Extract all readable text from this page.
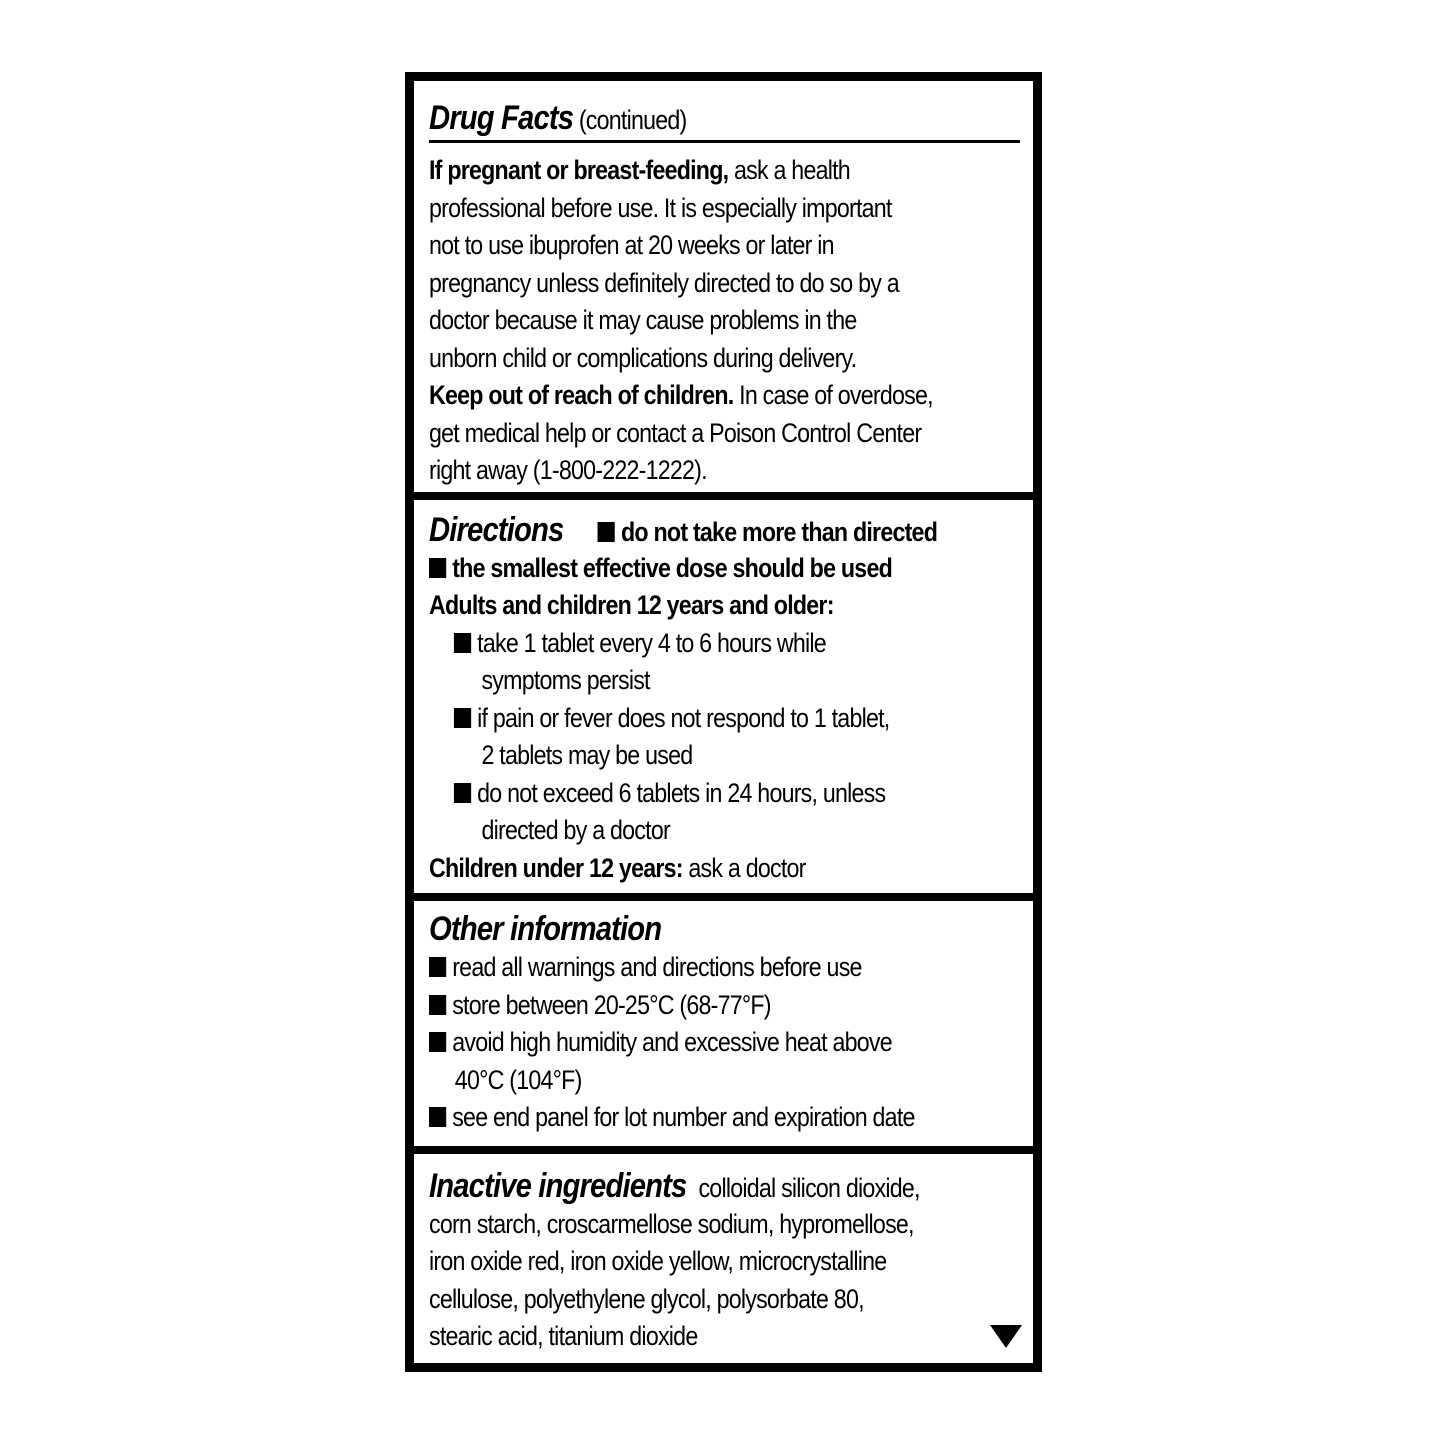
Drug Facts (continued)
If pregnant or breast-feeding, ask a health
professional before use. It is especially important
not to use ibuprofen at 20 weeks or later in
pregnancy unless definitely directed to do so by a
doctor because it may cause problems in the
unborn child or complications during delivery.
Keep out of reach of children. In case of overdose,
get medical help or contact a Poison Control Center
right away (1-800-222-1222).
Directions do not take more than directed
the smallest effective dose should be used
Adults and children 12 years and older:
take 1 tablet every 4 to 6 hours while
symptoms persist
if pain or fever does not respond to 1 tablet,
2 tablets may be used
do not exceed 6 tablets in 24 hours, unless
directed by a doctor
Children under 12 years: ask a doctor
Other information
read all warnings and directions before use
store between 20-25°C (68-77°F)
avoid high humidity and excessive heat above
40°C (104°F)
see end panel for lot number and expiration date
Inactive ingredients colloidal silicon dioxide,
corn starch, croscarmellose sodium, hypromellose,
iron oxide red, iron oxide yellow, microcrystalline
cellulose, polyethylene glycol, polysorbate 80,
stearic acid, titanium dioxide
